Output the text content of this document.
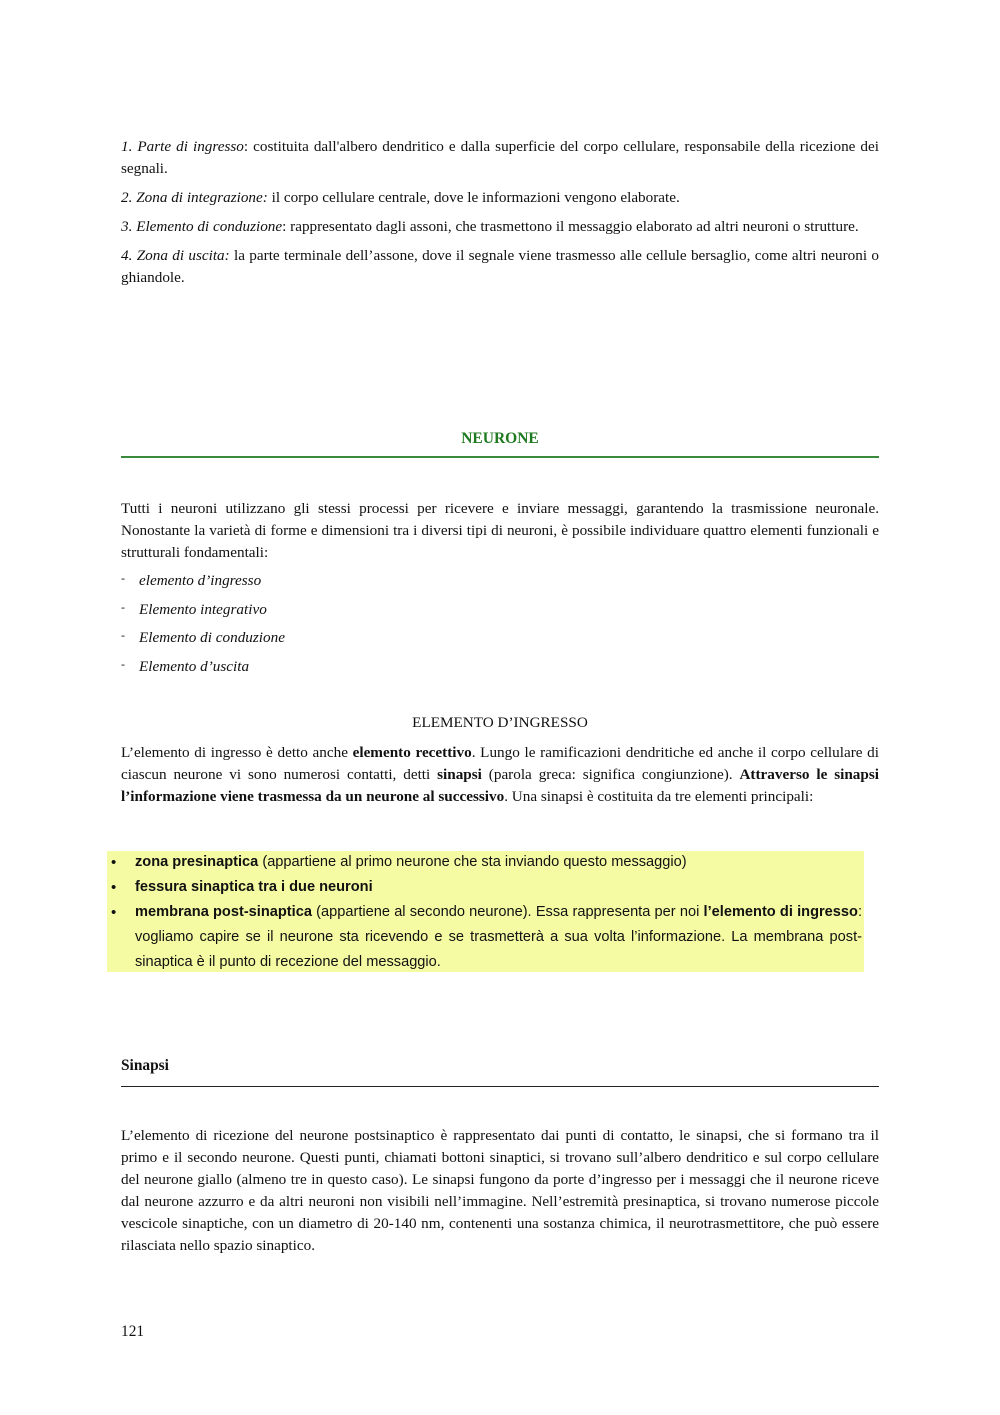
1. Parte di ingresso: costituita dall'albero dendritico e dalla superficie del corpo cellulare, responsabile della ricezione dei segnali.

2. Zona di integrazione: il corpo cellulare centrale, dove le informazioni vengono elaborate.

3. Elemento di conduzione: rappresentato dagli assoni, che trasmettono il messaggio elaborato ad altri neuroni o strutture.

4. Zona di uscita: la parte terminale dell’assone, dove il segnale viene trasmesso alle cellule bersaglio, come altri neuroni o ghiandole.

NEURONE

Tutti i neuroni utilizzano gli stessi processi per ricevere e inviare messaggi, garantendo la trasmissione neuronale. Nonostante la varietà di forme e dimensioni tra i diversi tipi di neuroni, è possibile individuare quattro elementi funzionali e strutturali fondamentali:

- elemento d’ingresso
- Elemento integrativo
- Elemento di conduzione
- Elemento d’uscita
ELEMENTO D’INGRESSO

L’elemento di ingresso è detto anche elemento recettivo. Lungo le ramificazioni dendritiche ed anche il corpo cellulare di ciascun neurone vi sono numerosi contatti, detti sinapsi (parola greca: significa congiunzione). Attraverso le sinapsi l’informazione viene trasmessa da un neurone al successivo. Una sinapsi è costituita da tre elementi principali:

• zona presinaptica (appartiene al primo neurone che sta inviando questo messaggio)
• fessura sinaptica tra i due neuroni
• membrana post-sinaptica (appartiene al secondo neurone). Essa rappresenta per noi l’elemento di ingresso: vogliamo capire se il neurone sta ricevendo e se trasmetterà a sua volta l’informazione. La membrana post-sinaptica è il punto di recezione del messaggio.
Sinapsi

L’elemento di ricezione del neurone postsinaptico è rappresentato dai punti di contatto, le sinapsi, che si formano tra il primo e il secondo neurone. Questi punti, chiamati bottoni sinaptici, si trovano sull’albero dendritico e sul corpo cellulare del neurone giallo (almeno tre in questo caso). Le sinapsi fungono da porte d’ingresso per i messaggi che il neurone riceve dal neurone azzurro e da altri neuroni non visibili nell’immagine. Nell’estremità presinaptica, si trovano numerose piccole vescicole sinaptiche, con un diametro di 20-140 nm, contenenti una sostanza chimica, il neurotrasmettitore, che può essere rilasciata nello spazio sinaptico.

121
